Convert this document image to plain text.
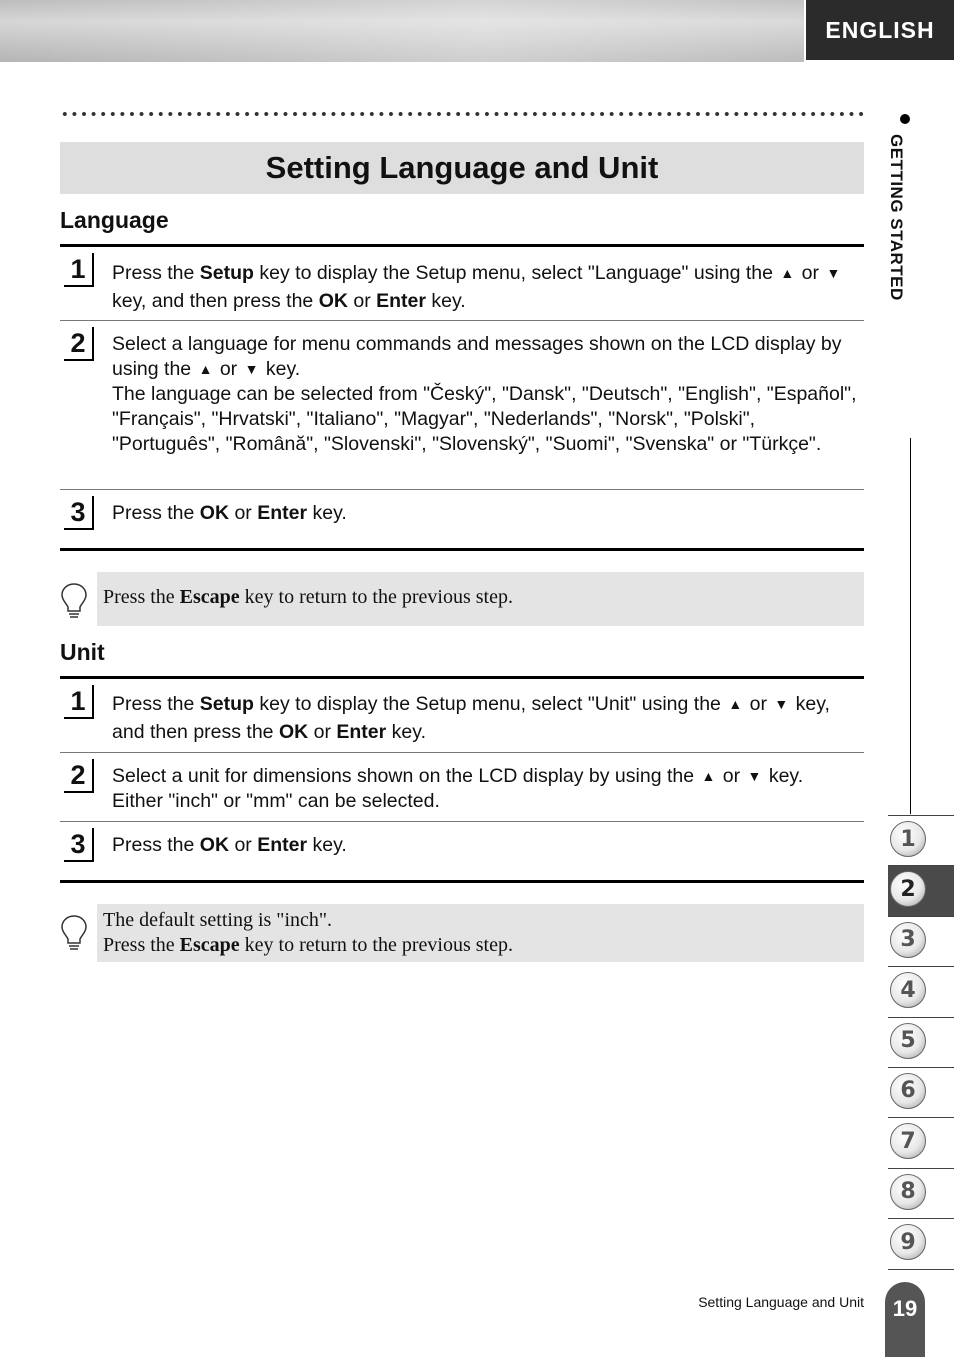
ENGLISH
Setting Language and Unit
Language
1	Press the Setup key to display the Setup menu, select "Language" using the ▲ or ▼ key, and then press the OK or Enter key.
2	Select a language for menu commands and messages shown on the LCD display by using the ▲ or ▼ key.
The language can be selected from "Český", "Dansk", "Deutsch", "English", "Español", "Français", "Hrvatski", "Italiano", "Magyar", "Nederlands", "Norsk", "Polski", "Português", "Română", "Slovenski", "Slovenský", "Suomi", "Svenska" or "Türkçe".
3	Press the OK or Enter key.
Press the Escape key to return to the previous step.
Unit
1	Press the Setup key to display the Setup menu, select "Unit" using the ▲ or ▼ key, and then press the OK or Enter key.
2	Select a unit for dimensions shown on the LCD display by using the ▲ or ▼ key.
Either "inch" or "mm" can be selected.
3	Press the OK or Enter key.
The default setting is "inch".
Press the Escape key to return to the previous step.
GETTING STARTED
1
2
3
4
5
6
7
8
9
Setting Language and Unit	19
